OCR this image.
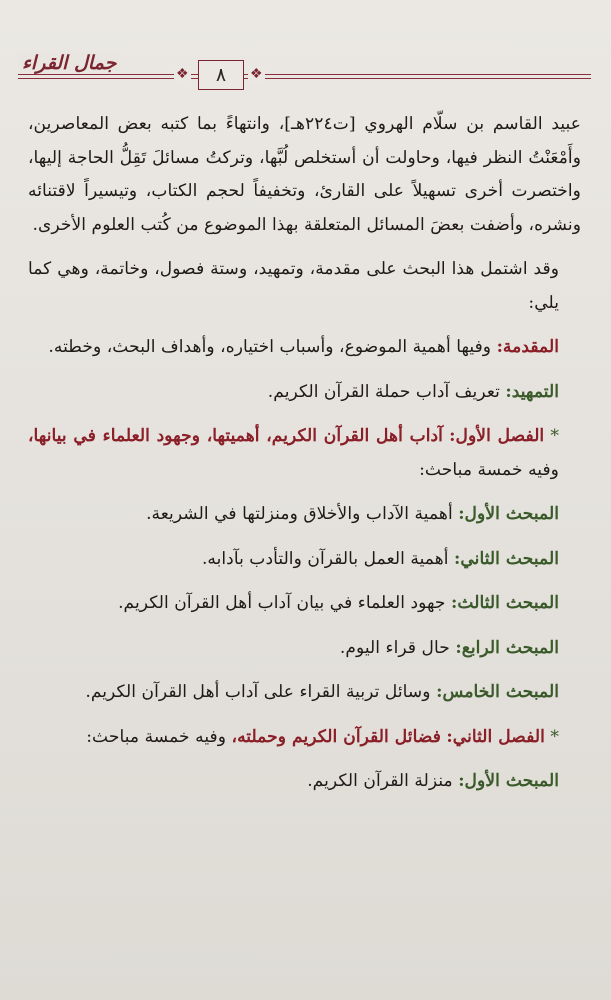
جمال القراء	❖	٨	❖

عبيد القاسم بن سلّام الهروي [ت٢٢٤هـ]، وانتهاءً بما كتبه بعض المعاصرين، وأَمْعَنْتُ النظر فيها، وحاولت أن أستخلص لُبَّها، وتركتُ مسائلَ تَقِلُّ الحاجة إليها، واختصرت أخرى تسهيلاً على القارئ، وتخفيفاً لحجم الكتاب، وتيسيراً لاقتنائه ونشره، وأضفت بعضَ المسائل المتعلقة بهذا الموضوع من كُتب العلوم الأخرى.

وقد اشتمل هذا البحث على مقدمة، وتمهيد، وستة فصول، وخاتمة، وهي كما يلي:

المقدمة: وفيها أهمية الموضوع، وأسباب اختياره، وأهداف البحث، وخطته.

التمهيد: تعريف آداب حملة القرآن الكريم.

* الفصل الأول: آداب أهل القرآن الكريم، أهميتها، وجهود العلماء في بيانها، وفيه خمسة مباحث:

المبحث الأول: أهمية الآداب والأخلاق ومنزلتها في الشريعة.

المبحث الثاني: أهمية العمل بالقرآن والتأدب بآدابه.

المبحث الثالث: جهود العلماء في بيان آداب أهل القرآن الكريم.

المبحث الرابع: حال قراء اليوم.

المبحث الخامس: وسائل تربية القراء على آداب أهل القرآن الكريم.

* الفصل الثاني: فضائل القرآن الكريم وحملته، وفيه خمسة مباحث:

المبحث الأول: منزلة القرآن الكريم.
